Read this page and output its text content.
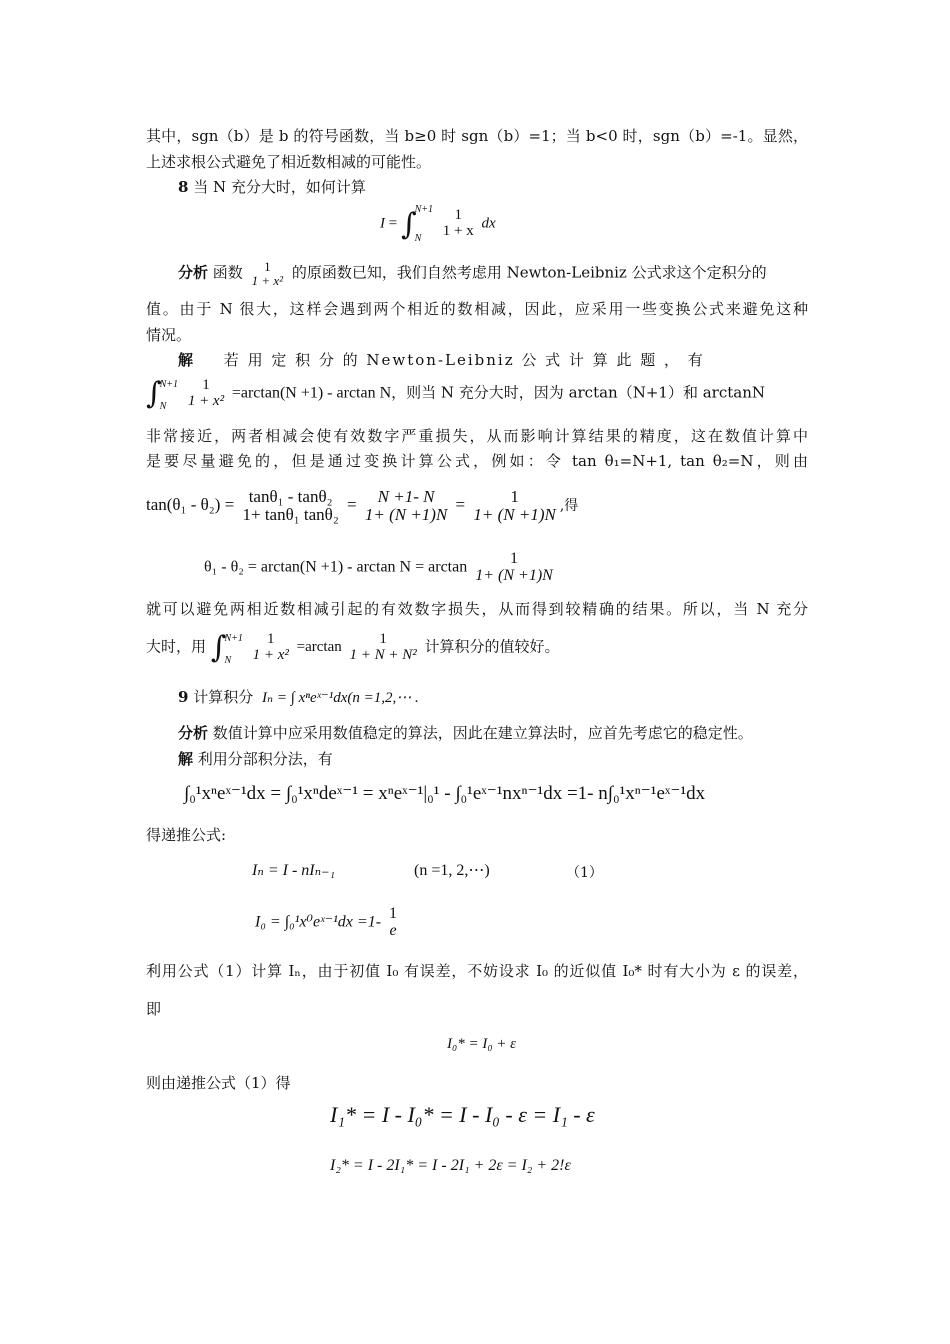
其中，sgn（b）是 b 的符号函数，当 b≥0 时 sgn（b）=1；当 b<0 时，sgn（b）=-1。显然，
上述求根公式避免了相近数相减的可能性。
8 当 N 充分大时，如何计算
I = ∫
N+1
N

1
1 + x dx
分析 函数 1
1 + x² 的原函数已知，我们自然考虑用 Newton-Leibniz 公式求这个定积分的
值。由于 N 很大，这样会遇到两个相近的数相减，因此，应采用一些变换公式来避免这种
情况。
解 若 用 定 积 分 的 Newton-Leibniz 公 式 计 算 此 题 ， 有
∫
N+1
N

1
1 + x² =arctan(N +1) - arctan N，则当 N 充分大时，因为 arctan（N+1）和 arctanN
非常接近，两者相减会使有效数字严重损失，从而影响计算结果的精度，这在数值计算中
是要尽量避免的，但是通过变换计算公式，例如：令 tan θ₁=N+1, tan θ₂=N，则由
tan(θ₁ - θ₂) = tanθ₁ - tanθ₂
1+ tanθ₁ tanθ₂
= N +1- N
1+ (N +1)N
=	1
1+ (N +1)N ,得
θ₁ - θ₂ = arctan(N +1) - arctan N = arctan	1
1+ (N +1)N
就可以避免两相近数相减引起的有效数字损失，从而得到较精确的结果。所以，当 N 充分
大时，用 ∫
N+1
N

1
1 + x² =arctan
1
1 + N + N² 计算积分的值较好。
9 计算积分 Iₙ = ∫ xⁿeˣ⁻¹dx(n =1,2,⋯ .
分析 数值计算中应采用数值稳定的算法，因此在建立算法时，应首先考虑它的稳定性。
解 利用分部积分法，有
∫₀¹xⁿeˣ⁻¹dx = ∫₀¹xⁿdeˣ⁻¹ = xⁿeˣ⁻¹|₀¹ - ∫₀¹eˣ⁻¹nxⁿ⁻¹dx =1- n∫₀¹xⁿ⁻¹eˣ⁻¹dx
得递推公式:
Iₙ = I - nIₙ₋₁	(n =1, 2,⋯)	（1）
I₀ = ∫₀¹x⁰eˣ⁻¹dx =1- 1
e
利用公式（1）计算 Iₙ，由于初值 I₀ 有误差，不妨设求 I₀ 的近似值 I₀* 时有大小为 ε 的误差，
即
I₀* = I₀ + ε
则由递推公式（1）得
I₁* = I - I₀* = I - I₀ - ε = I₁ - ε
I₂* = I - 2I₁* = I - 2I₁ + 2ε = I₂ + 2!ε
